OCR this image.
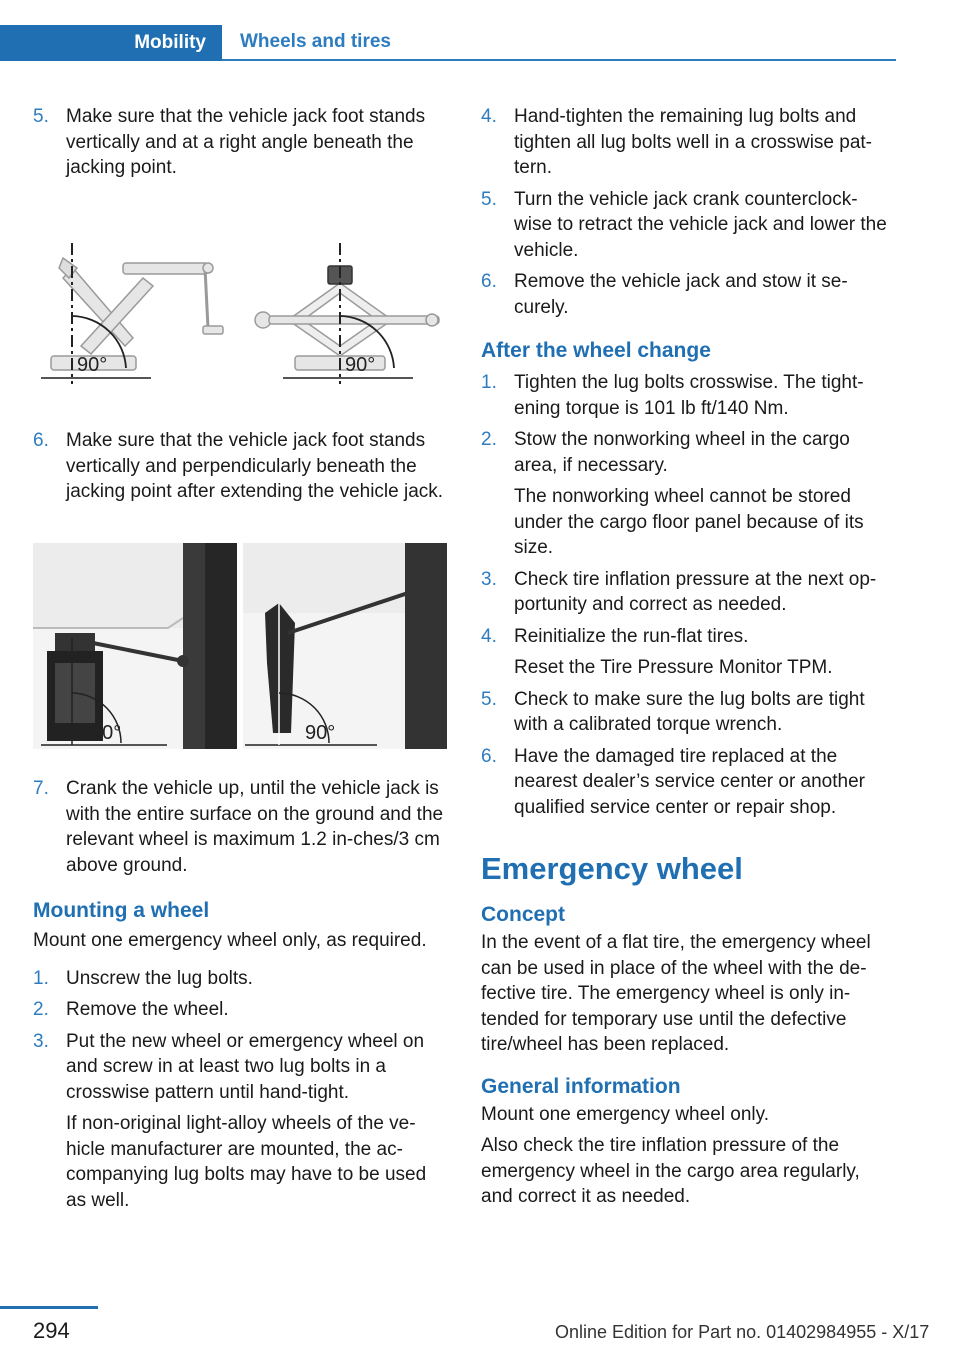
Mobility	Wheels and tires
5. Make sure that the vehicle jack foot stands vertically and at a right angle beneath the jacking point.
90°	90°
6. Make sure that the vehicle jack foot stands vertically and perpendicularly beneath the jacking point after extending the vehicle jack.
90°	90°
7. Crank the vehicle up, until the vehicle jack is with the entire surface on the ground and the relevant wheel is maximum 1.2 in‐ches/3 cm above ground.
Mounting a wheel

Mount one emergency wheel only, as required.

1. Unscrew the lug bolts.
2. Remove the wheel.
3. Put the new wheel or emergency wheel on and screw in at least two lug bolts in a crosswise pattern until hand-tight.

If non-original light-alloy wheels of the ve‐hicle manufacturer are mounted, the ac‐companying lug bolts may have to be used as well.

4. Hand-tighten the remaining lug bolts and tighten all lug bolts well in a crosswise pat‐tern.
5. Turn the vehicle jack crank counterclock‐wise to retract the vehicle jack and lower the vehicle.
6. Remove the vehicle jack and stow it se‐curely.
After the wheel change
1. Tighten the lug bolts crosswise. The tight‐ening torque is 101 lb ft/140 Nm.
2. Stow the nonworking wheel in the cargo area, if necessary.

The nonworking wheel cannot be stored under the cargo floor panel because of its size.

3. Check tire inflation pressure at the next op‐portunity and correct as needed.
4. Reinitialize the run-flat tires.

Reset the Tire Pressure Monitor TPM.

5. Check to make sure the lug bolts are tight with a calibrated torque wrench.
6. Have the damaged tire replaced at the nearest dealer’s service center or another qualified service center or repair shop.
Emergency wheel
Concept

In the event of a flat tire, the emergency wheel can be used in place of the wheel with the de‐fective tire. The emergency wheel is only in‐tended for temporary use until the defective tire/wheel has been replaced.

General information

Mount one emergency wheel only.

Also check the tire inflation pressure of the emergency wheel in the cargo area regularly, and correct it as needed.

294	Online Edition for Part no. 01402984955 - X/17
